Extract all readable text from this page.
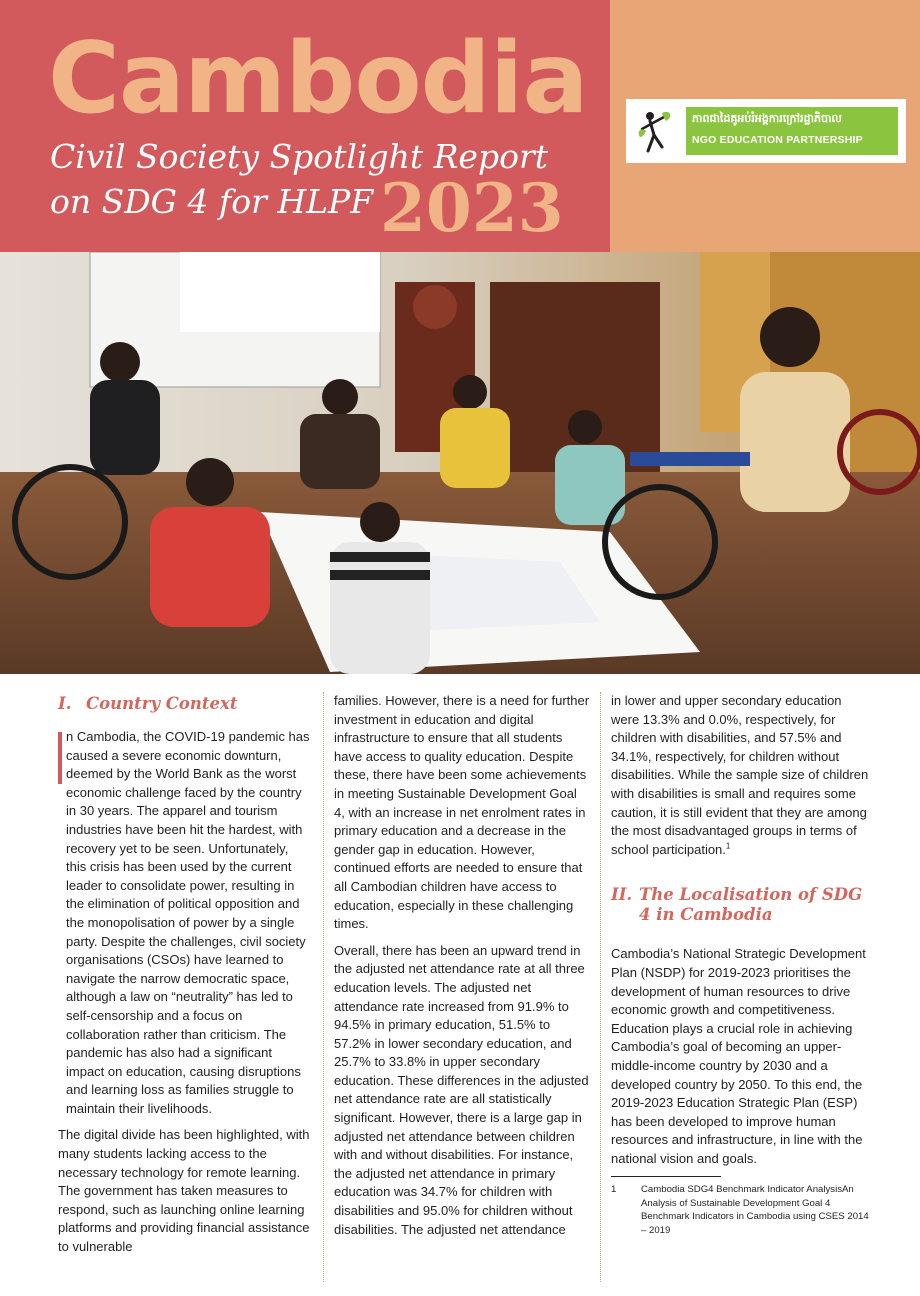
Cambodia
Civil Society Spotlight Report
on SDG 4 for HLPF 2023
ភាពជាដៃគូអប់រំអង្គការក្រៅរដ្ឋាភិបាល
NGO EDUCATION PARTNERSHIP
I. Country Context

n Cambodia, the COVID-19 pandemic has caused a severe economic downturn, deemed by the World Bank as the worst economic challenge faced by the country in 30 years. The apparel and tourism industries have been hit the hardest, with recovery yet to be seen. Unfortunately, this crisis has been used by the current leader to consolidate power, resulting in the elimination of political opposition and the monopolisation of power by a single party. Despite the challenges, civil society organisations (CSOs) have learned to navigate the narrow democratic space, although a law on “neutrality” has led to self-censorship and a focus on collaboration rather than criticism. The pandemic has also had a significant impact on education, causing disruptions and learning loss as families struggle to maintain their livelihoods.

The digital divide has been highlighted, with many students lacking access to the necessary technology for remote learning. The government has taken measures to respond, such as launching online learning platforms and providing financial assistance to vulnerable

families. However, there is a need for further investment in education and digital infrastructure to ensure that all students have access to quality education. Despite these, there have been some achievements in meeting Sustainable Development Goal 4, with an increase in net enrolment rates in primary education and a decrease in the gender gap in education. However, continued efforts are needed to ensure that all Cambodian children have access to education, especially in these challenging times.

Overall, there has been an upward trend in the adjusted net attendance rate at all three education levels. The adjusted net attendance rate increased from 91.9% to 94.5% in primary education, 51.5% to 57.2% in lower secondary education, and 25.7% to 33.8% in upper secondary education. These differences in the adjusted net attendance rate are all statistically significant. However, there is a large gap in adjusted net attendance between children with and without disabilities. For instance, the adjusted net attendance in primary education was 34.7% for children with disabilities and 95.0% for children without disabilities. The adjusted net attendance

in lower and upper secondary education were 13.3% and 0.0%, respectively, for children with disabilities, and 57.5% and 34.1%, respectively, for children without disabilities. While the sample size of children with disabilities is small and requires some caution, it is still evident that they are among the most disadvantaged groups in terms of school participation.$^1$

II. The Localisation of SDG 4 in Cambodia

Cambodia’s National Strategic Development Plan (NSDP) for 2019-2023 prioritises the development of human resources to drive economic growth and competitiveness. Education plays a crucial role in achieving Cambodia’s goal of becoming an upper-middle-income country by 2030 and a developed country by 2050. To this end, the 2019-2023 Education Strategic Plan (ESP) has been developed to improve human resources and infrastructure, in line with the national vision and goals.

1	Cambodia SDG4 Benchmark Indicator AnalysisAn Analysis of Sustainable Development Goal 4 Benchmark Indicators in Cambodia using CSES 2014 – 2019
